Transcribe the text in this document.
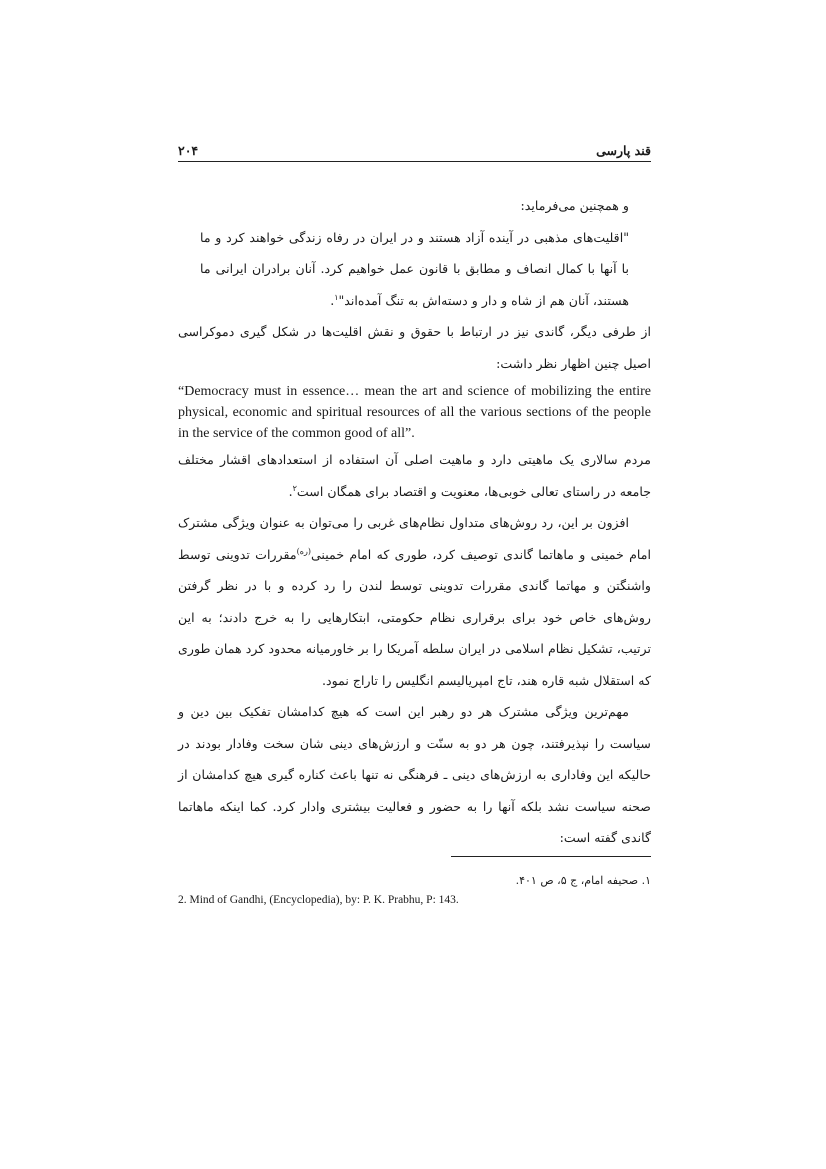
قند پارسی
۲۰۴

و همچنین می‌فرماید:

"اقلیت‌های مذهبی در آینده آزاد هستند و در ایران در رفاه زندگی خواهند کرد و ما با آنها با کمال انصاف و مطابق با قانون عمل خواهیم کرد. آنان برادران ایرانی ما هستند، آنان هم از شاه و دار و دسته‌اش به تنگ آمده‌اند"$^۱$.

از طرفی دیگر، گاندی نیز در ارتباط با حقوق و نقش اقلیت‌ها در شکل گیری دموکراسی اصیل چنین اظهار نظر داشت:

“Democracy must in essence… mean the art and science of mobilizing the entire physical, economic and spiritual resources of all the various sections of the people in the service of the common good of all”.

مردم سالاری یک ماهیتی دارد و ماهیت اصلی آن استفاده از استعدادهای اقشار مختلف جامعه در راستای تعالی خوبی‌ها، معنویت و اقتصاد برای همگان است$^۲$.

افزون بر این، رد روش‌های متداول نظام‌های غربی را می‌توان به عنوان ویژگی مشترک امام خمینی و ماهاتما گاندی توصیف کرد، طوری که امام خمینی$^{(ره)}$مقررات تدوینی توسط واشنگتن و مهاتما گاندی مقررات تدوینی توسط لندن را رد کرده و با در نظر گرفتن روش‌های خاص خود برای برقراری نظام حکومتی، ابتکارهایی را به خرج دادند؛ به این ترتیب، تشکیل نظام اسلامی در ایران سلطه آمریکا را بر خاورمیانه محدود کرد همان طوری که استقلال شبه قاره هند، تاج امپریالیسم انگلیس را تاراج نمود.

مهم‌ترین ویژگی مشترک هر دو رهبر این است که هیچ کدامشان تفکیک بین دین و سیاست را نپذیرفتند، چون هر دو به سنّت و ارزش‌های دینی شان سخت وفادار بودند در حالیکه این وفاداری به ارزش‌های دینی ـ فرهنگی نه تنها باعث کناره گیری هیچ کدامشان از صحنه سیاست نشد بلکه آنها را به حضور و فعالیت بیشتری وادار کرد. کما اینکه ماهاتما گاندی گفته است:

۱. صحیفه امام، ج ۵، ص ۴۰۱.
2. Mind of Gandhi, (Encyclopedia), by: P. K. Prabhu, P: 143.
